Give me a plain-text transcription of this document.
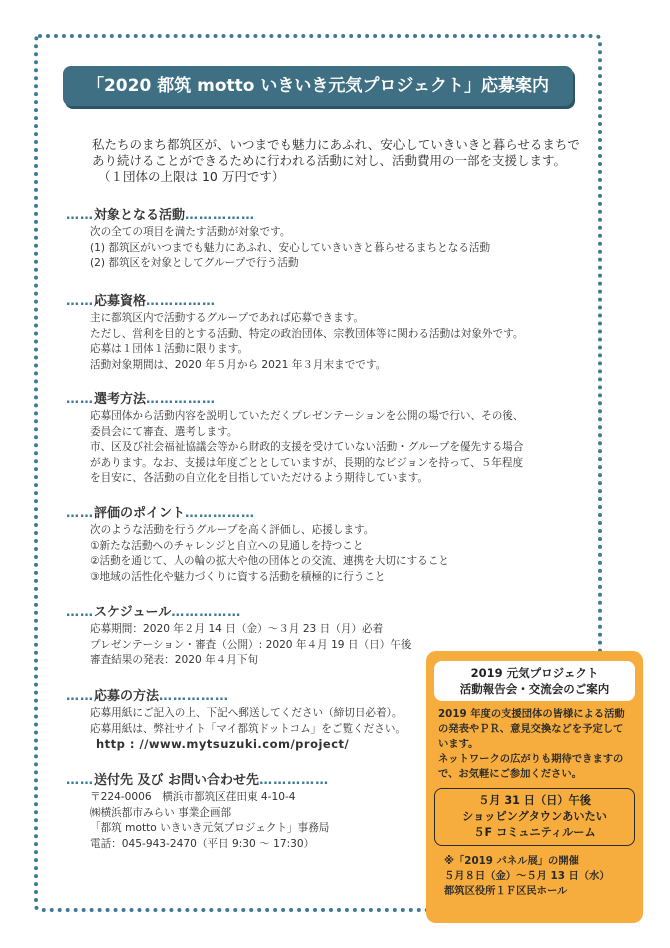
「2020 都筑 motto いきいき元気プロジェクト」応募案内
私たちのまち都筑区が、いつまでも魅力にあふれ、安心していきいきと暮らせるまちで
あり続けることができるために行われる活動に対し、活動費用の一部を支援します。
（１団体の上限は 10 万円です）
……対象となる活動……………
次の全ての項目を満たす活動が対象です。
(1) 都筑区がいつまでも魅力にあふれ、安心していきいきと暮らせるまちとなる活動
(2) 都筑区を対象としてグループで行う活動
……応募資格……………
主に都筑区内で活動するグループであれば応募できます。
ただし、営利を目的とする活動、特定の政治団体、宗教団体等に関わる活動は対象外です。
応募は１団体１活動に限ります。
活動対象期間は、2020 年５月から 2021 年３月末までです。
……選考方法……………
応募団体から活動内容を説明していただくプレゼンテーションを公開の場で行い、その後、
委員会にて審査、選考します。
市、区及び社会福祉協議会等から財政的支援を受けていない活動・グループを優先する場合
があります。なお、支援は年度ごととしていますが、長期的なビジョンを持って、５年程度
を目安に、各活動の自立化を目指していただけるよう期待しています。
……評価のポイント……………
次のような活動を行うグループを高く評価し、応援します。
①新たな活動へのチャレンジと自立への見通しを持つこと
②活動を通じて、人の輪の拡大や他の団体との交流、連携を大切にすること
③地域の活性化や魅力づくりに資する活動を積極的に行うこと
……スケジュール……………
応募期間：2020 年２月 14 日（金）～３月 23 日（月）必着
プレゼンテーション・審査（公開）: 2020 年４月 19 日（日）午後
審査結果の発表：2020 年４月下旬
……応募の方法……………
応募用紙にご記入の上、下記へ郵送してください（締切日必着）。
応募用紙は、弊社サイト「マイ都筑ドットコム」をご覧ください。
http : //www.mytsuzuki.com/project/
……送付先 及び お問い合わせ先……………
〒224-0006　横浜市都筑区荏田東 4-10-4
㈱横浜都市みらい 事業企画部
「都筑 motto いきいき元気プロジェクト」事務局
電話：045-943-2470（平日 9:30 ～ 17:30）
2019 元気プロジェクト
活動報告会・交流会のご案内
2019 年度の支援団体の皆様による活動
の発表やＰＲ、意見交換などを予定して
います。
ネットワークの広がりも期待できますの
で、お気軽にご参加ください。
５月 31 日（日）午後
ショッピングタウンあいたい
５F コミュニティルーム
※「2019 パネル展」の開催
５月８日（金）～５月 13 日（水）
都筑区役所１Ｆ区民ホール
